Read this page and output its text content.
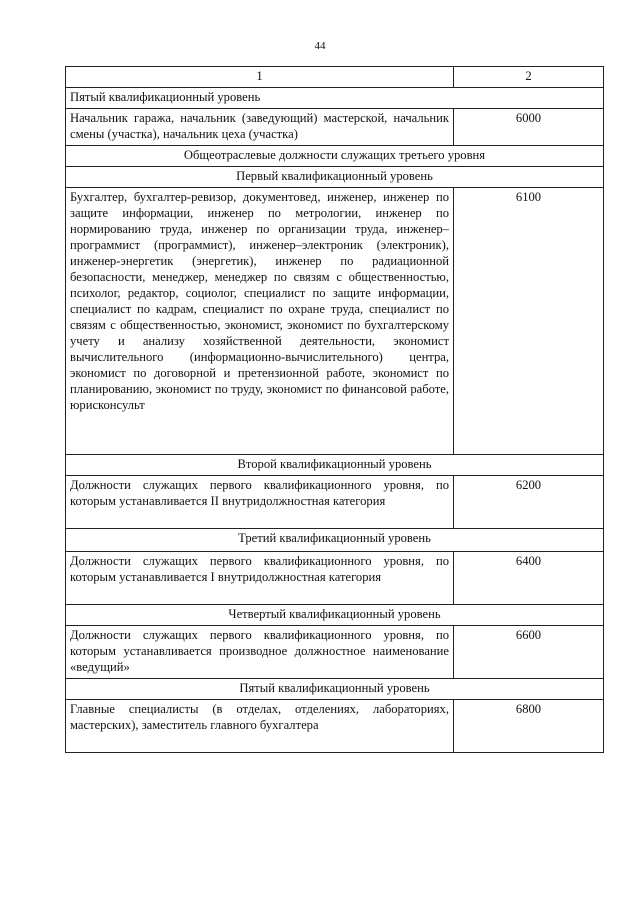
44
1	2
Пятый квалификационный уровень	
Начальник гаража, начальник (заведующий) мастерской, начальник смены (участка), начальник цеха (участка)	6000
Общеотраслевые должности служащих третьего уровня	
Первый квалификационный уровень	
Бухгалтер, бухгалтер-ревизор, документовед, инженер, инженер по защите информации, инженер по метрологии, инженер по нормированию труда, инженер по организации труда, инженер–программист (программист), инженер–электроник (электроник), инженер-энергетик (энергетик), инженер по радиационной безопасности, менеджер, менеджер по связям с общественностью, психолог, редактор, социолог, специалист по защите информации, специалист по кадрам, специалист по охране труда, специалист по связям с общественностью, экономист, экономист по бухгалтерскому учету и анализу хозяйственной деятельности, экономист вычислительного (информационно-вычислительного) центра, экономист по договорной и претензионной работе, экономист по планированию, экономист по труду, экономист по финансовой работе, юрисконсульт	6100
Второй квалификационный уровень	
Должности служащих первого квалификационного уровня, по которым устанавливается II внутридолжностная категория	6200
Третий квалификационный уровень	
Должности служащих первого квалификационного уровня, по которым устанавливается I внутридолжностная категория	6400
Четвертый квалификационный уровень	
Должности служащих первого квалификационного уровня, по которым устанавливается производное должностное наименование «ведущий»	6600
Пятый квалификационный уровень	
Главные специалисты (в отделах, отделениях, лабораториях, мастерских), заместитель главного бухгалтера	6800
